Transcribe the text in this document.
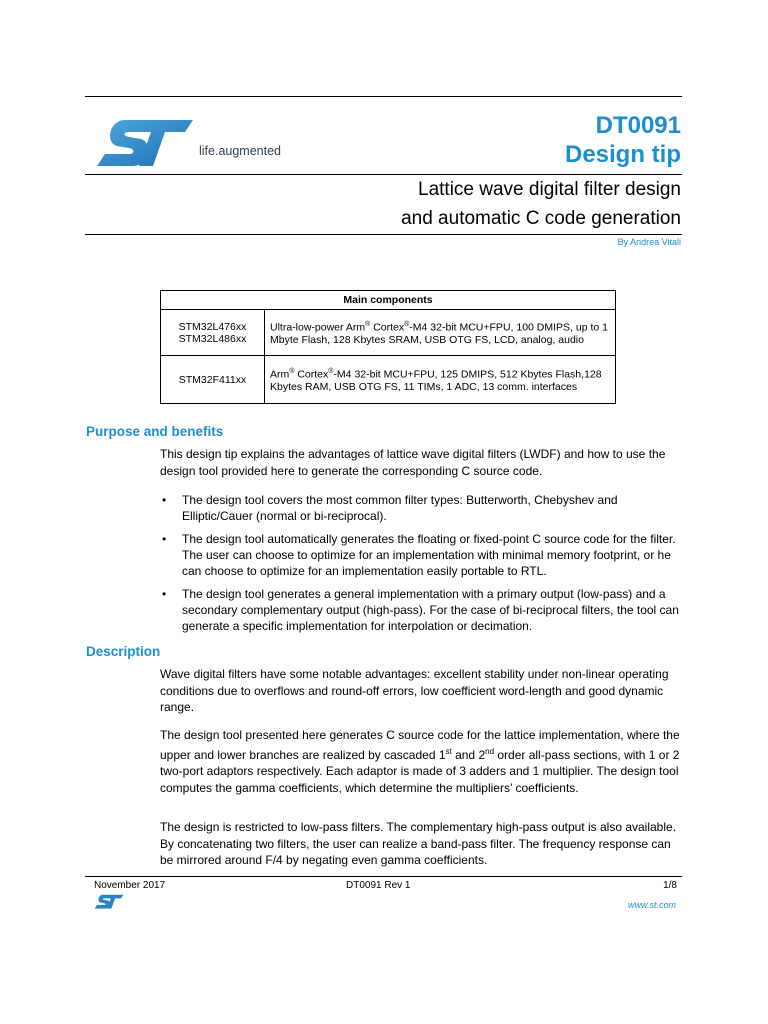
life.augmented
DT0091
Design tip
Lattice wave digital filter design
and automatic C code generation
By Andrea Vitali
Main components	

STM32L476xx
STM32L486xx	Ultra-low-power Arm® Cortex®-M4 32-bit MCU+FPU, 100 DMIPS, up to 1 Mbyte Flash, 128 Kbytes SRAM, USB OTG FS, LCD, analog, audio

STM32F411xx	Arm® Cortex®-M4 32-bit MCU+FPU, 125 DMIPS, 512 Kbytes Flash,128 Kbytes RAM, USB OTG FS, 11 TIMs, 1 ADC, 13 comm. interfaces
Purpose and benefits

This design tip explains the advantages of lattice wave digital filters (LWDF) and how to use the design tool provided here to generate the corresponding C source code.

• The design tool covers the most common filter types: Butterworth, Chebyshev and Elliptic/Cauer (normal or bi-reciprocal).
• The design tool automatically generates the floating or fixed-point C source code for the filter. The user can choose to optimize for an implementation with minimal memory footprint, or he can choose to optimize for an implementation easily portable to RTL.
• The design tool generates a general implementation with a primary output (low-pass) and a secondary complementary output (high-pass). For the case of bi-reciprocal filters, the tool can generate a specific implementation for interpolation or decimation.
Description

Wave digital filters have some notable advantages: excellent stability under non-linear operating conditions due to overflows and round-off errors, low coefficient word-length and good dynamic range.

The design tool presented here generates C source code for the lattice implementation, where the upper and lower branches are realized by cascaded 1st and 2nd order all-pass sections, with 1 or 2 two-port adaptors respectively. Each adaptor is made of 3 adders and 1 multiplier. The design tool computes the gamma coefficients, which determine the multipliers’ coefficients.

The design is restricted to low-pass filters. The complementary high-pass output is also available. By concatenating two filters, the user can realize a band-pass filter. The frequency response can be mirrored around F/4 by negating even gamma coefficients.

November 2017	DT0091 Rev 1	1/8
www.st.com
